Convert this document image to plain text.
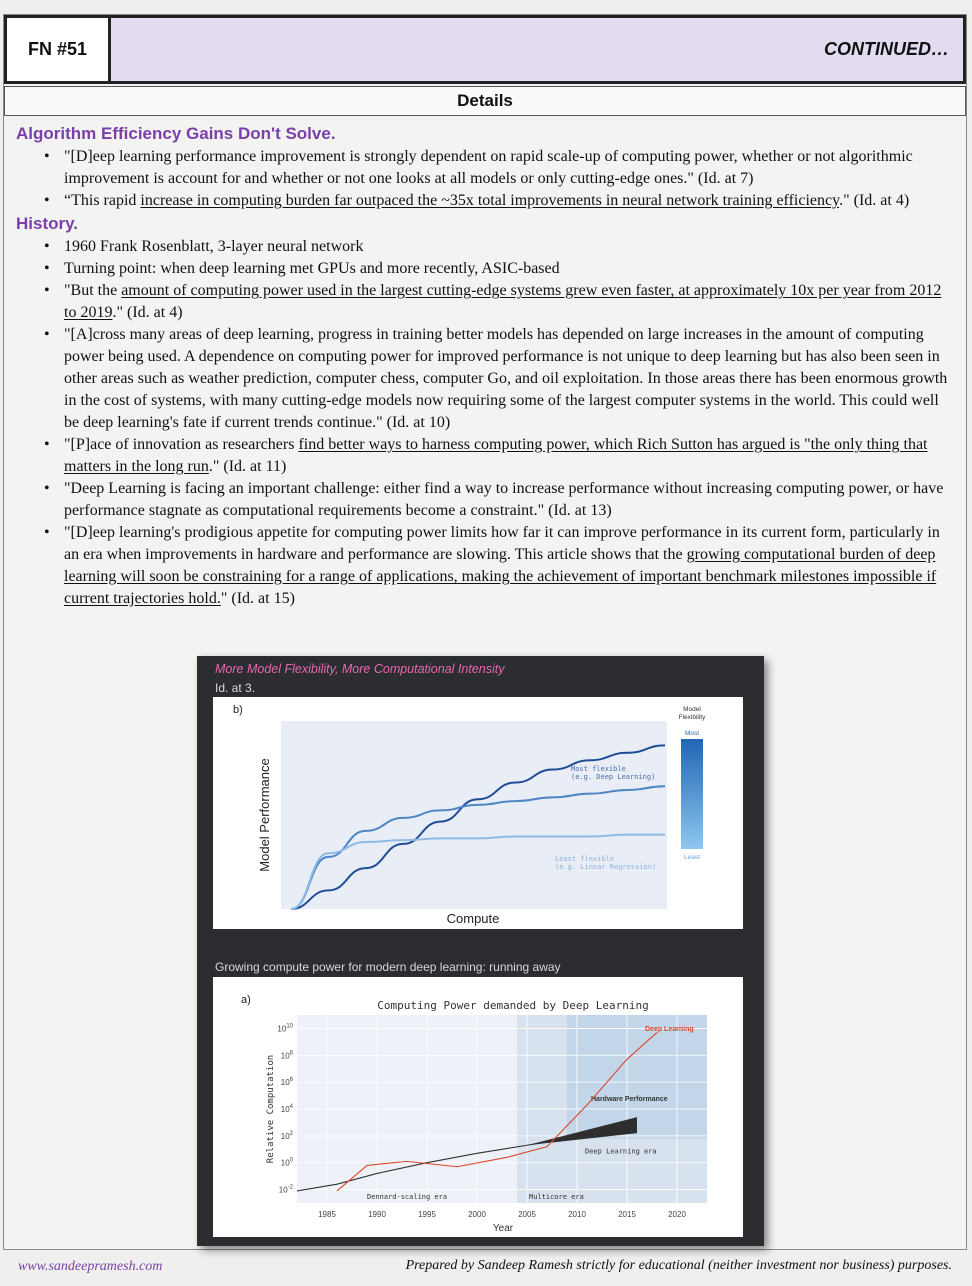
FN #51	CONTINUED…
Details
Algorithm Efficiency Gains Don't Solve.
• "[D]eep learning performance improvement is strongly dependent on rapid scale-up of computing power, whether or not algorithmic improvement is account for and whether or not one looks at all models or only cutting-edge ones." (Id. at 7)
• “This rapid increase in computing burden far outpaced the ~35x total improvements in neural network training efficiency." (Id. at 4)
History.
• 1960 Frank Rosenblatt, 3-layer neural network
• Turning point: when deep learning met GPUs and more recently, ASIC-based
• "But the amount of computing power used in the largest cutting-edge systems grew even faster, at approximately 10x per year from 2012 to 2019." (Id. at 4)
• "[A]cross many areas of deep learning, progress in training better models has depended on large increases in the amount of computing power being used. A dependence on computing power for improved performance is not unique to deep learning but has also been seen in other areas such as weather prediction, computer chess, computer Go, and oil exploitation. In those areas there has been enormous growth in the cost of systems, with many cutting-edge models now requiring some of the largest computer systems in the world. This could well be deep learning's fate if current trends continue." (Id. at 10)
• "[P]ace of innovation as researchers find better ways to harness computing power, which Rich Sutton has argued is "the only thing that matters in the long run." (Id. at 11)
• "Deep Learning is facing an important challenge: either find a way to increase performance without increasing computing power, or have performance stagnate as computational requirements become a constraint." (Id. at 13)
• "[D]eep learning's prodigious appetite for computing power limits how far it can improve performance in its current form, particularly in an era when improvements in hardware and performance are slowing. This article shows that the growing computational burden of deep learning will soon be constraining for a range of applications, making the achievement of important benchmark milestones impossible if current trajectories hold." (Id. at 15)
More Model Flexibility, More Computational Intensity
Id. at 3.
b)
Compute
Model Performance	Most flexible (e.g. Deep Learning)
Least flexible (e.g. Linear Regression)
Model Flexibility
Most
Least
Growing compute power for modern deep learning: running away
a)	Computing Power demanded by Deep Learning
1985	1990	1995	2000	2005	2010	2015	2020
$10^{-2}$
$10^0$
$10^2$
$10^4$
$10^6$
$10^8$
$10^{10}$
Year
Relative Computation
Dennard-scaling era	Multicore era
Deep Learning era
Hardware Performance
Deep Learning
www.sandeepramesh.com	Prepared by Sandeep Ramesh strictly for educational (neither investment nor business) purposes.
